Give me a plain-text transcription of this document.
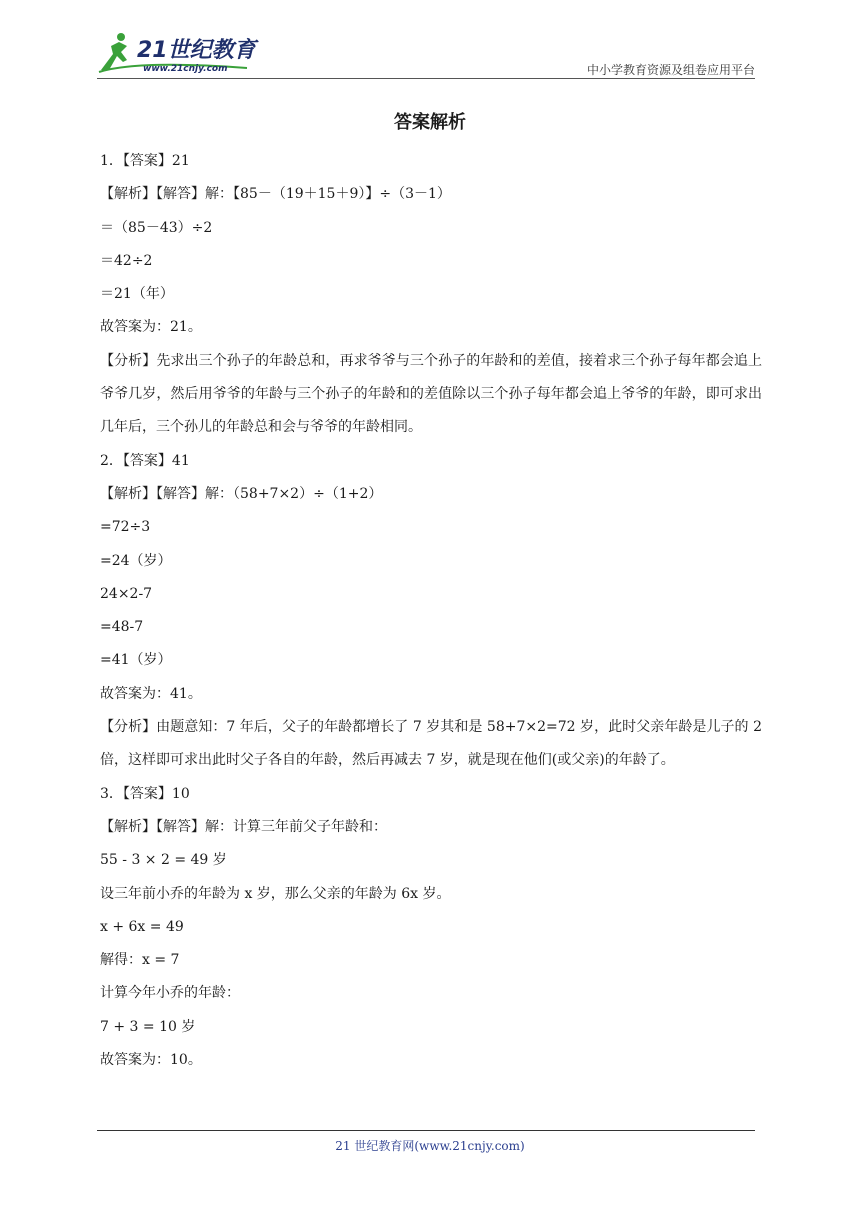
21世纪教育
www.21cnjy.com	中小学教育资源及组卷应用平台
答案解析
1．【答案】21
【解析】【解答】解：【85－（19＋15＋9）】÷（3－1）
＝（85－43）÷2
＝42÷2
＝21（年）
故答案为：21。
【分析】先求出三个孙子的年龄总和，再求爷爷与三个孙子的年龄和的差值，接着求三个孙子每年都会追上爷爷几岁，然后用爷爷的年龄与三个孙子的年龄和的差值除以三个孙子每年都会追上爷爷的年龄，即可求出几年后，三个孙儿的年龄总和会与爷爷的年龄相同。
2．【答案】41
【解析】【解答】解：（58+7×2）÷（1+2）
=72÷3
=24（岁）
24×2-7
=48-7
=41（岁）
故答案为：41。
【分析】由题意知：7 年后，父子的年龄都增长了 7 岁其和是 58+7×2=72 岁，此时父亲年龄是儿子的 2 倍，这样即可求出此时父子各自的年龄，然后再减去 7 岁，就是现在他们(或父亲)的年龄了。
3．【答案】10
【解析】【解答】解：计算三年前父子年龄和：
55 - 3 × 2 = 49 岁
设三年前小乔的年龄为 x 岁，那么父亲的年龄为 6x 岁。
x + 6x = 49
解得：x = 7
计算今年小乔的年龄：
7 + 3 = 10 岁
故答案为：10。
21 世纪教育网(www.21cnjy.com)
